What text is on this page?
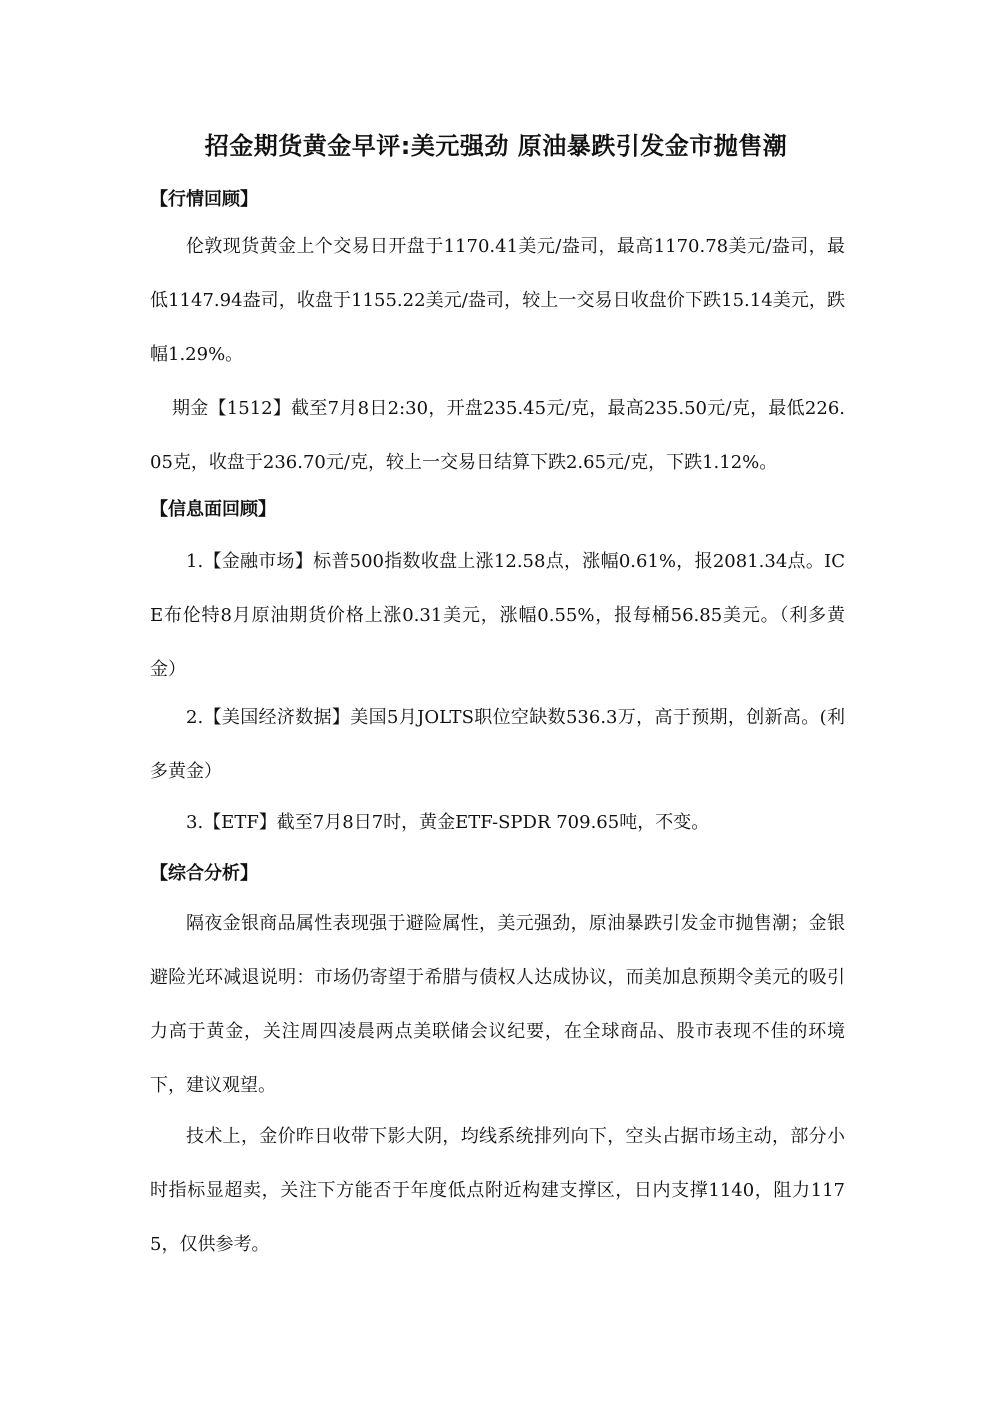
招金期货黄金早评:美元强劲 原油暴跌引发金市抛售潮
【行情回顾】

伦敦现货黄金上个交易日开盘于1170.41美元/盎司，最高1170.78美元/盎司，最低1147.94盎司，收盘于1155.22美元/盎司，较上一交易日收盘价下跌15.14美元，跌幅1.29%。

期金【1512】截至7月8日2:30，开盘235.45元/克，最高235.50元/克，最低226.05克，收盘于236.70元/克，较上一交易日结算下跌2.65元/克，下跌1.12%。

【信息面回顾】

1.【金融市场】标普500指数收盘上涨12.58点，涨幅0.61%，报2081.34点。ICE布伦特8月原油期货价格上涨0.31美元，涨幅0.55%，报每桶56.85美元。（利多黄金）

2.【美国经济数据】美国5月JOLTS职位空缺数536.3万，高于预期，创新高。(利多黄金）

3.【ETF】截至7月8日7时，黄金ETF-SPDR 709.65吨，不变。

【综合分析】

隔夜金银商品属性表现强于避险属性，美元强劲，原油暴跌引发金市抛售潮；金银避险光环减退说明：市场仍寄望于希腊与债权人达成协议，而美加息预期令美元的吸引力高于黄金，关注周四凌晨两点美联储会议纪要，在全球商品、股市表现不佳的环境下，建议观望。

技术上，金价昨日收带下影大阴，均线系统排列向下，空头占据市场主动，部分小时指标显超卖，关注下方能否于年度低点附近构建支撑区，日内支撑1140，阻力1175，仅供参考。
